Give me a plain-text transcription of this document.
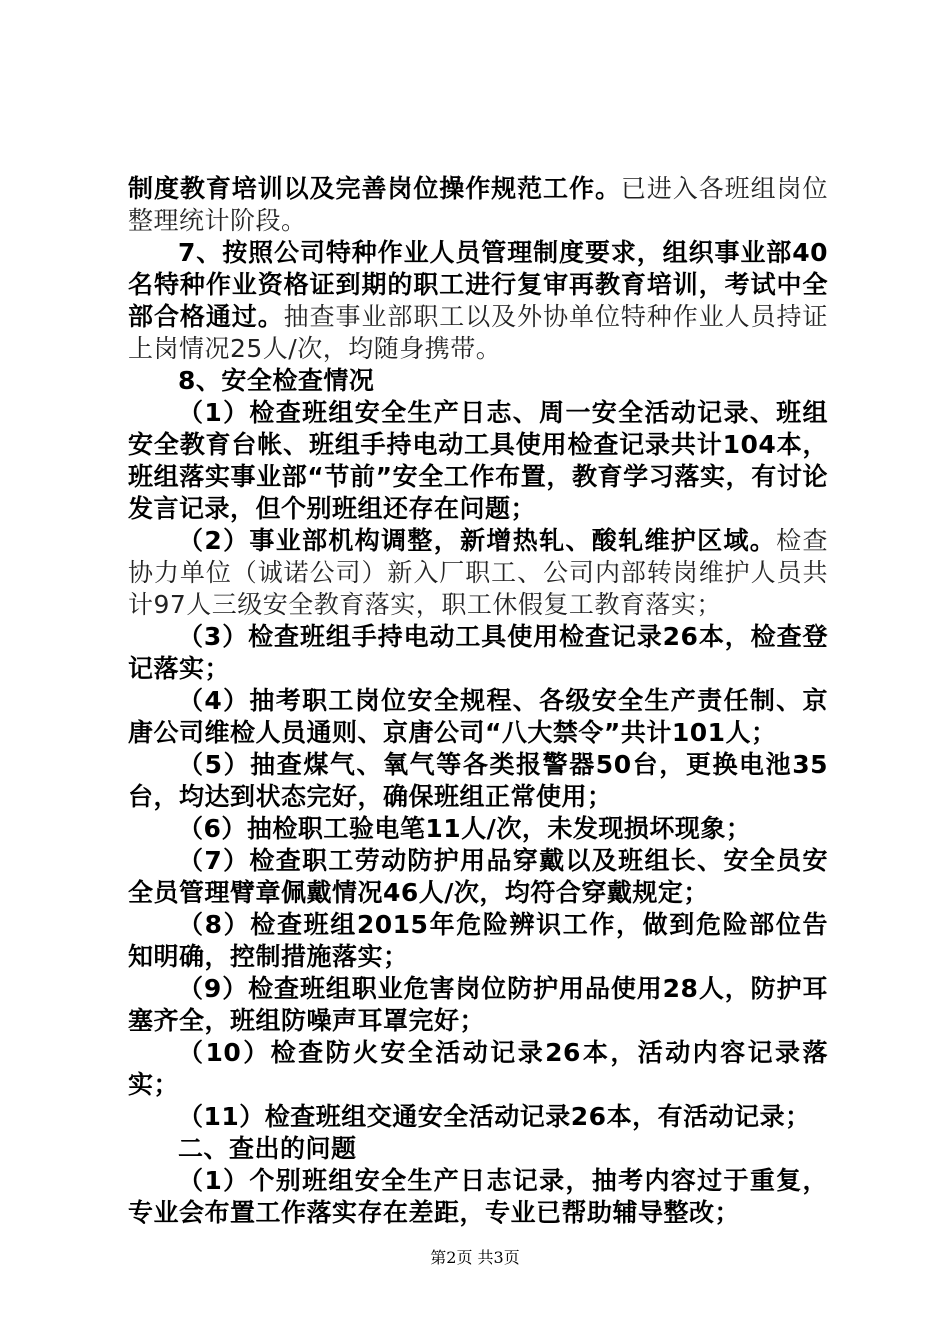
制度教育培训以及完善岗位操作规范工作。已进入各班组岗位整理统计阶段。

7、按照公司特种作业人员管理制度要求，组织事业部40名特种作业资格证到期的职工进行复审再教育培训，考试中全部合格通过。抽查事业部职工以及外协单位特种作业人员持证上岗情况25人/次，均随身携带。

8、安全检查情况

（1）检查班组安全生产日志、周一安全活动记录、班组安全教育台帐、班组手持电动工具使用检查记录共计104本，班组落实事业部“节前”安全工作布置，教育学习落实，有讨论发言记录，但个别班组还存在问题；

（2）事业部机构调整，新增热轧、酸轧维护区域。检查协力单位（诚诺公司）新入厂职工、公司内部转岗维护人员共计97人三级安全教育落实，职工休假复工教育落实；

（3）检查班组手持电动工具使用检查记录26本，检查登记落实；

（4）抽考职工岗位安全规程、各级安全生产责任制、京唐公司维检人员通则、京唐公司“八大禁令”共计101人；

（5）抽查煤气、氧气等各类报警器50台，更换电池35台，均达到状态完好，确保班组正常使用；

（6）抽检职工验电笔11人/次，未发现损坏现象；

（7）检查职工劳动防护用品穿戴以及班组长、安全员安全员管理臂章佩戴情况46人/次，均符合穿戴规定；

（8）检查班组2015年危险辨识工作，做到危险部位告知明确，控制措施落实；

（9）检查班组职业危害岗位防护用品使用28人，防护耳塞齐全，班组防噪声耳罩完好；

（10）检查防火安全活动记录26本，活动内容记录落实；

（11）检查班组交通安全活动记录26本，有活动记录；

二、查出的问题

（1）个别班组安全生产日志记录，抽考内容过于重复，专业会布置工作落实存在差距，专业已帮助辅导整改；

第2页 共3页
